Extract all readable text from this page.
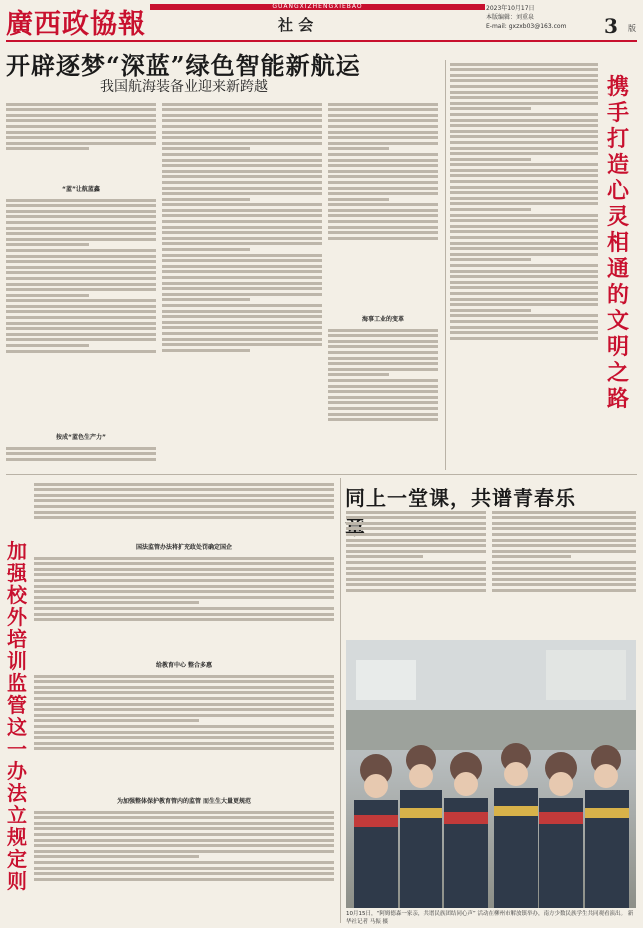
廣西政協報
GUANGXIZHENGXIEBAO
社 会
2023年10月17日
本版编辑：刘重泉
E-mail: gxzxb03@163.com	3 版
开辟逐梦“深蓝”绿色智能新航运
我国航海装备业迎来新跨越
“蓝”让航蓝鑫
按成“蓝色生产力”
海事工业的变革
携手打造心灵相通的文明之路
加强校外培训监管 这一办法立规定则
国法监管办法将扩充政处罚确定国企
给教育中心 整合多惠
为加强整体保护教育管内的监管 而生生大量更规范
同上一堂课，共谱青春乐
10月15日，“阿姆德森一家亲，共谱民族团结同心声” 活动在柳州市解放镇举办，南方少数民族学生共同观看演出。 新华社记者 马振 摄
